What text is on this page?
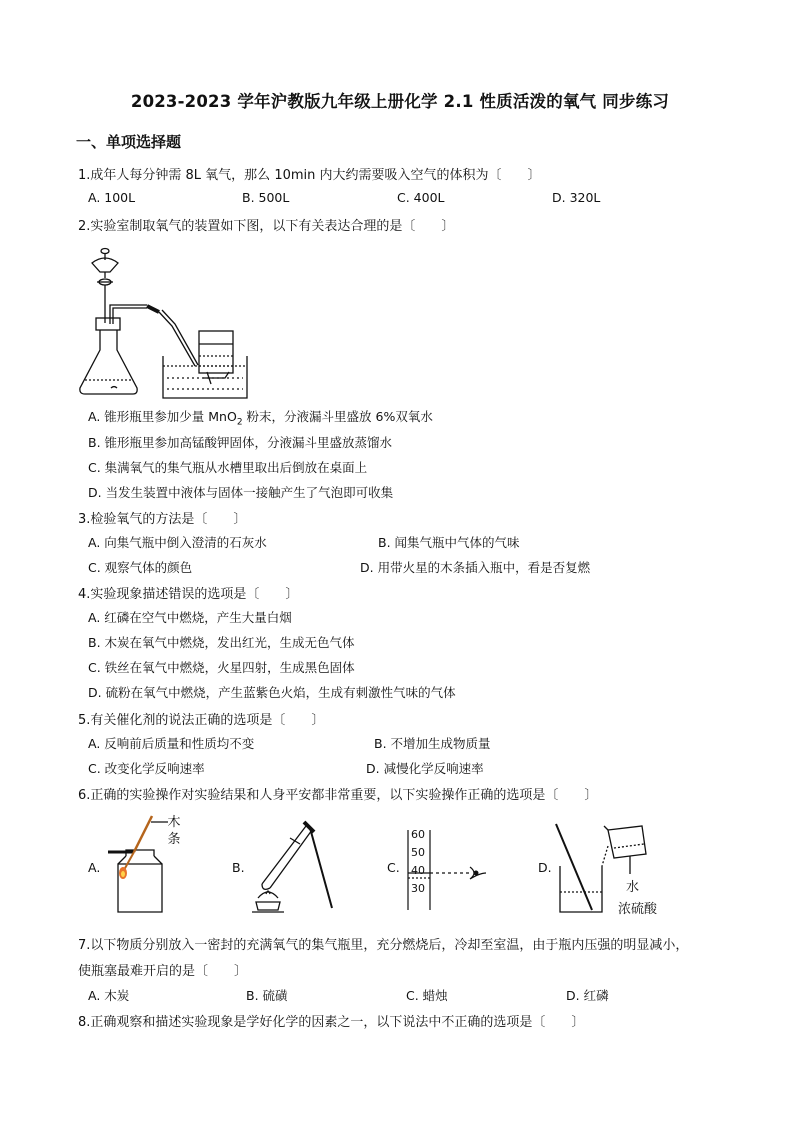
2023-2023 学年沪教版九年级上册化学 2.1 性质活泼的氧气 同步练习
一、单项选择题
1.成年人每分钟需 8L 氧气，那么 10min 内大约需要吸入空气的体积为〔　　〕
A. 100L	B. 500L	C. 400L	D. 320L
2.实验室制取氧气的装置如下图，以下有关表达合理的是〔　　〕
A. 锥形瓶里参加少量 MnO$_2$ 粉末，分液漏斗里盛放 6%双氧水
B. 锥形瓶里参加高锰酸钾固体，分液漏斗里盛放蒸馏水
C. 集满氧气的集气瓶从水槽里取出后倒放在桌面上
D. 当发生装置中液体与固体一接触产生了气泡即可收集
3.检验氧气的方法是〔　　〕
A. 向集气瓶中倒入澄清的石灰水	B. 闻集气瓶中气体的气味
C. 观察气体的颜色	D. 用带火星的木条插入瓶中，看是否复燃
4.实验现象描述错误的选项是〔　　〕
A. 红磷在空气中燃烧，产生大量白烟
B. 木炭在氧气中燃烧，发出红光，生成无色气体
C. 铁丝在氧气中燃烧，火星四射，生成黑色固体
D. 硫粉在氧气中燃烧，产生蓝紫色火焰，生成有刺激性气味的气体
5.有关催化剂的说法正确的选项是〔　　〕
A. 反响前后质量和性质均不变	B. 不增加生成物质量
C. 改变化学反响速率	D. 减慢化学反响速率
6.正确的实验操作对实验结果和人身平安都非常重要，以下实验操作正确的选项是〔　　〕
A.
木
条
B.	C.
60
50
40
30
D.
水
浓硫酸
7.以下物质分别放入一密封的充满氧气的集气瓶里，充分燃烧后，冷却至室温，由于瓶内压强的明显减小，
使瓶塞最难开启的是〔　　〕
A. 木炭	B. 硫磺	C. 蜡烛	D. 红磷
8.正确观察和描述实验现象是学好化学的因素之一，以下说法中不正确的选项是〔　　〕
